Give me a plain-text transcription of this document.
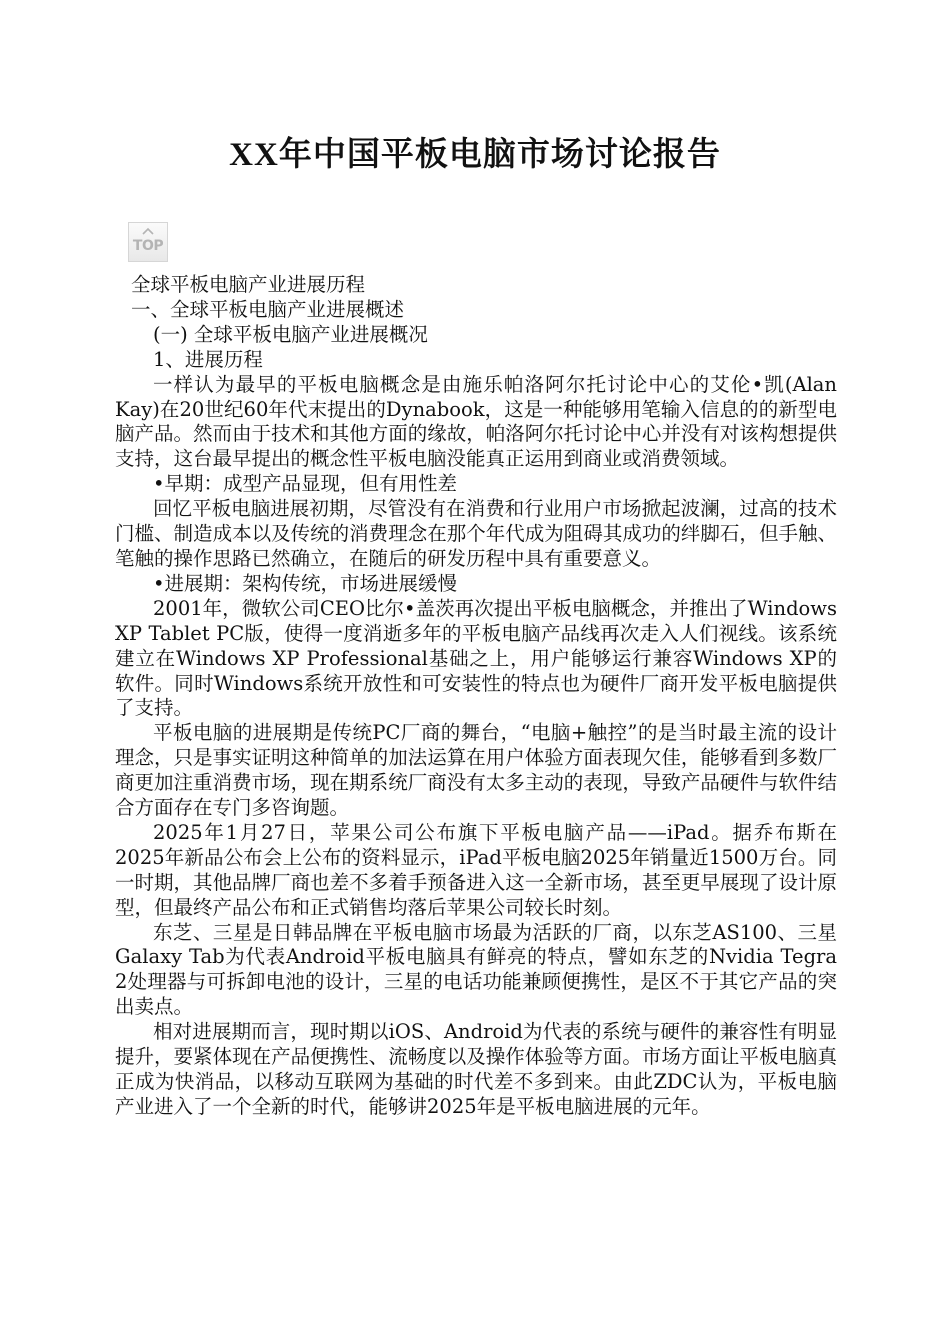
XX年中国平板电脑市场讨论报告
TOP

全球平板电脑产业进展历程

一、全球平板电脑产业进展概述

(一) 全球平板电脑产业进展概况

1、进展历程

一样认为最早的平板电脑概念是由施乐帕洛阿尔托讨论中心的艾伦•凯(Alan Kay)在20世纪60年代末提出的Dynabook，这是一种能够用笔输入信息的的新型电脑产品。然而由于技术和其他方面的缘故，帕洛阿尔托讨论中心并没有对该构想提供支持，这台最早提出的概念性平板电脑没能真正运用到商业或消费领域。

•早期：成型产品显现，但有用性差

回忆平板电脑进展初期，尽管没有在消费和行业用户市场掀起波澜，过高的技术门槛、制造成本以及传统的消费理念在那个年代成为阻碍其成功的绊脚石，但手触、笔触的操作思路已然确立，在随后的研发历程中具有重要意义。

•进展期：架构传统，市场进展缓慢

2001年，微软公司CEO比尔•盖茨再次提出平板电脑概念，并推出了Windows XP Tablet PC版，使得一度消逝多年的平板电脑产品线再次走入人们视线。该系统建立在Windows XP Professional基础之上，用户能够运行兼容Windows XP的软件。同时Windows系统开放性和可安装性的特点也为硬件厂商开发平板电脑提供了支持。

平板电脑的进展期是传统PC厂商的舞台，“电脑+触控”的是当时最主流的设计理念，只是事实证明这种简单的加法运算在用户体验方面表现欠佳，能够看到多数厂商更加注重消费市场，现在期系统厂商没有太多主动的表现，导致产品硬件与软件结合方面存在专门多咨询题。

2025年1月27日，苹果公司公布旗下平板电脑产品——iPad。据乔布斯在2025年新品公布会上公布的资料显示，iPad平板电脑2025年销量近1500万台。同一时期，其他品牌厂商也差不多着手预备进入这一全新市场，甚至更早展现了设计原型，但最终产品公布和正式销售均落后苹果公司较长时刻。

东芝、三星是日韩品牌在平板电脑市场最为活跃的厂商，以东芝AS100、三星Galaxy Tab为代表Android平板电脑具有鲜亮的特点，譬如东芝的Nvidia Tegra 2处理器与可拆卸电池的设计，三星的电话功能兼顾便携性，是区不于其它产品的突出卖点。

相对进展期而言，现时期以iOS、Android为代表的系统与硬件的兼容性有明显提升，要紧体现在产品便携性、流畅度以及操作体验等方面。市场方面让平板电脑真正成为快消品，以移动互联网为基础的时代差不多到来。由此ZDC认为，平板电脑产业进入了一个全新的时代，能够讲2025年是平板电脑进展的元年。
